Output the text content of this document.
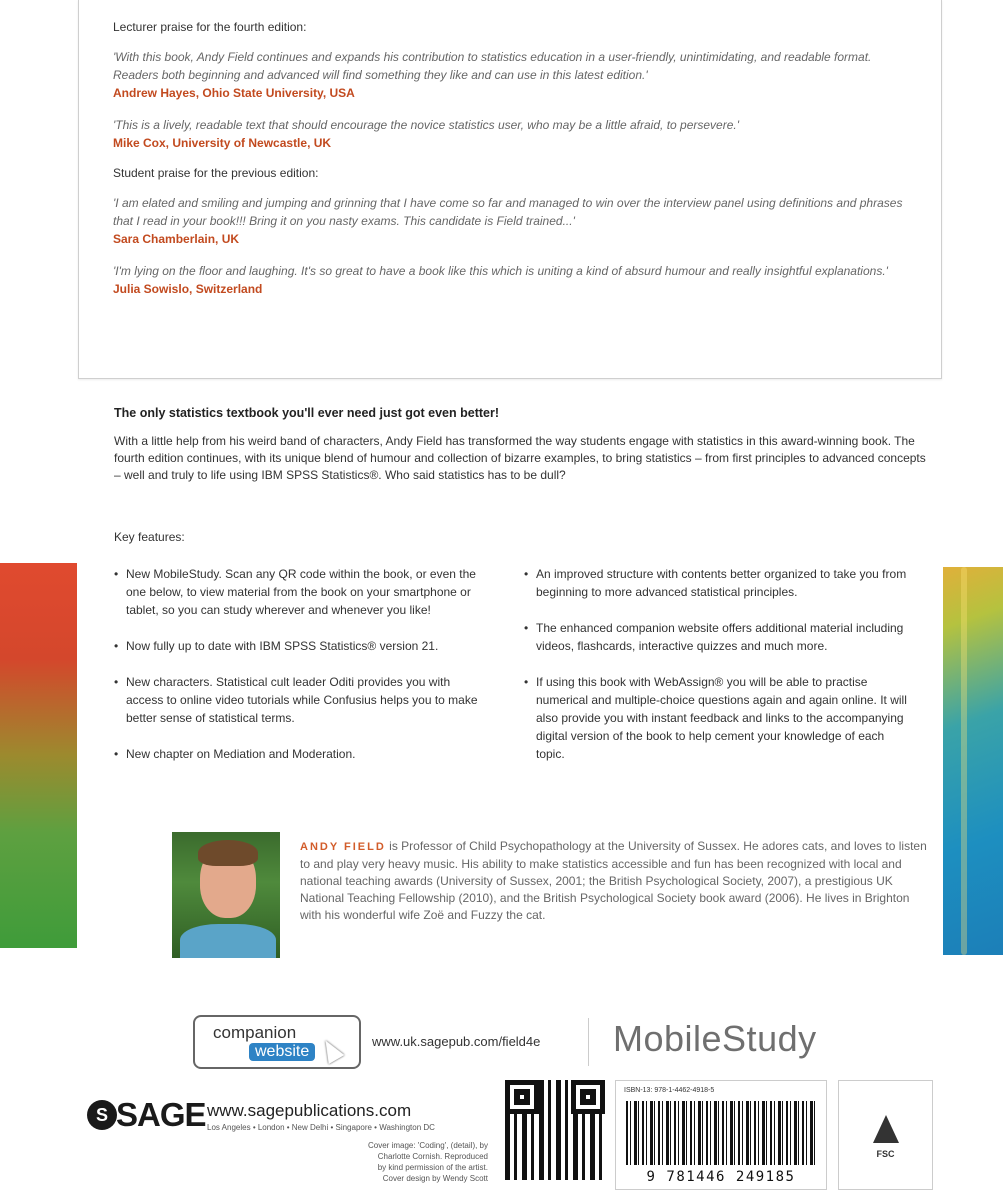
Lecturer praise for the fourth edition:

'With this book, Andy Field continues and expands his contribution to statistics education in a user-friendly, unintimidating, and readable format. Readers both beginning and advanced will find something they like and can use in this latest edition.'

Andrew Hayes, Ohio State University, USA

'This is a lively, readable text that should encourage the novice statistics user, who may be a little afraid, to persevere.'

Mike Cox, University of Newcastle, UK

Student praise for the previous edition:

'I am elated and smiling and jumping and grinning that I have come so far and managed to win over the interview panel using definitions and phrases that I read in your book!!! Bring it on you nasty exams. This candidate is Field trained...'

Sara Chamberlain, UK

'I'm lying on the floor and laughing. It's so great to have a book like this which is uniting a kind of absurd humour and really insightful explanations.'

Julia Sowislo, Switzerland

The only statistics textbook you'll ever need just got even better!

With a little help from his weird band of characters, Andy Field has transformed the way students engage with statistics in this award-winning book. The fourth edition continues, with its unique blend of humour and collection of bizarre examples, to bring statistics – from first principles to advanced concepts – well and truly to life using IBM SPSS Statistics®. Who said statistics has to be dull?

Key features:
• New MobileStudy. Scan any QR code within the book, or even the one below, to view material from the book on your smartphone or tablet, so you can study wherever and whenever you like!
• Now fully up to date with IBM SPSS Statistics® version 21.
• New characters. Statistical cult leader Oditi provides you with access to online video tutorials while Confusius helps you to make better sense of statistical terms.
• New chapter on Mediation and Moderation.
• An improved structure with contents better organized to take you from beginning to more advanced statistical principles.
• The enhanced companion website offers additional material including videos, flashcards, interactive quizzes and much more.
• If using this book with WebAssign® you will be able to practise numerical and multiple-choice questions again and again online. It will also provide you with instant feedback and links to the accompanying digital version of the book to help cement your knowledge of each topic.

ANDY FIELD is Professor of Child Psychopathology at the University of Sussex. He adores cats, and loves to listen to and play very heavy music. His ability to make statistics accessible and fun has been recognized with local and national teaching awards (University of Sussex, 2001; the British Psychological Society, 2007), a prestigious UK National Teaching Fellowship (2010), and the British Psychological Society book award (2006). He lives in Brighton with his wonderful wife Zoë and Fuzzy the cat.

companion
website
www.uk.sagepub.com/field4e MobileStudy
S SAGE www.sagepublications.com
Los Angeles • London • New Delhi • Singapore • Washington DC
Cover image: 'Coding', (detail), by Charlotte Cornish. Reproduced by kind permission of the artist. Cover design by Wendy Scott
ISBN-13: 978-1-4462-4918-5
9 781446 249185
FSC
